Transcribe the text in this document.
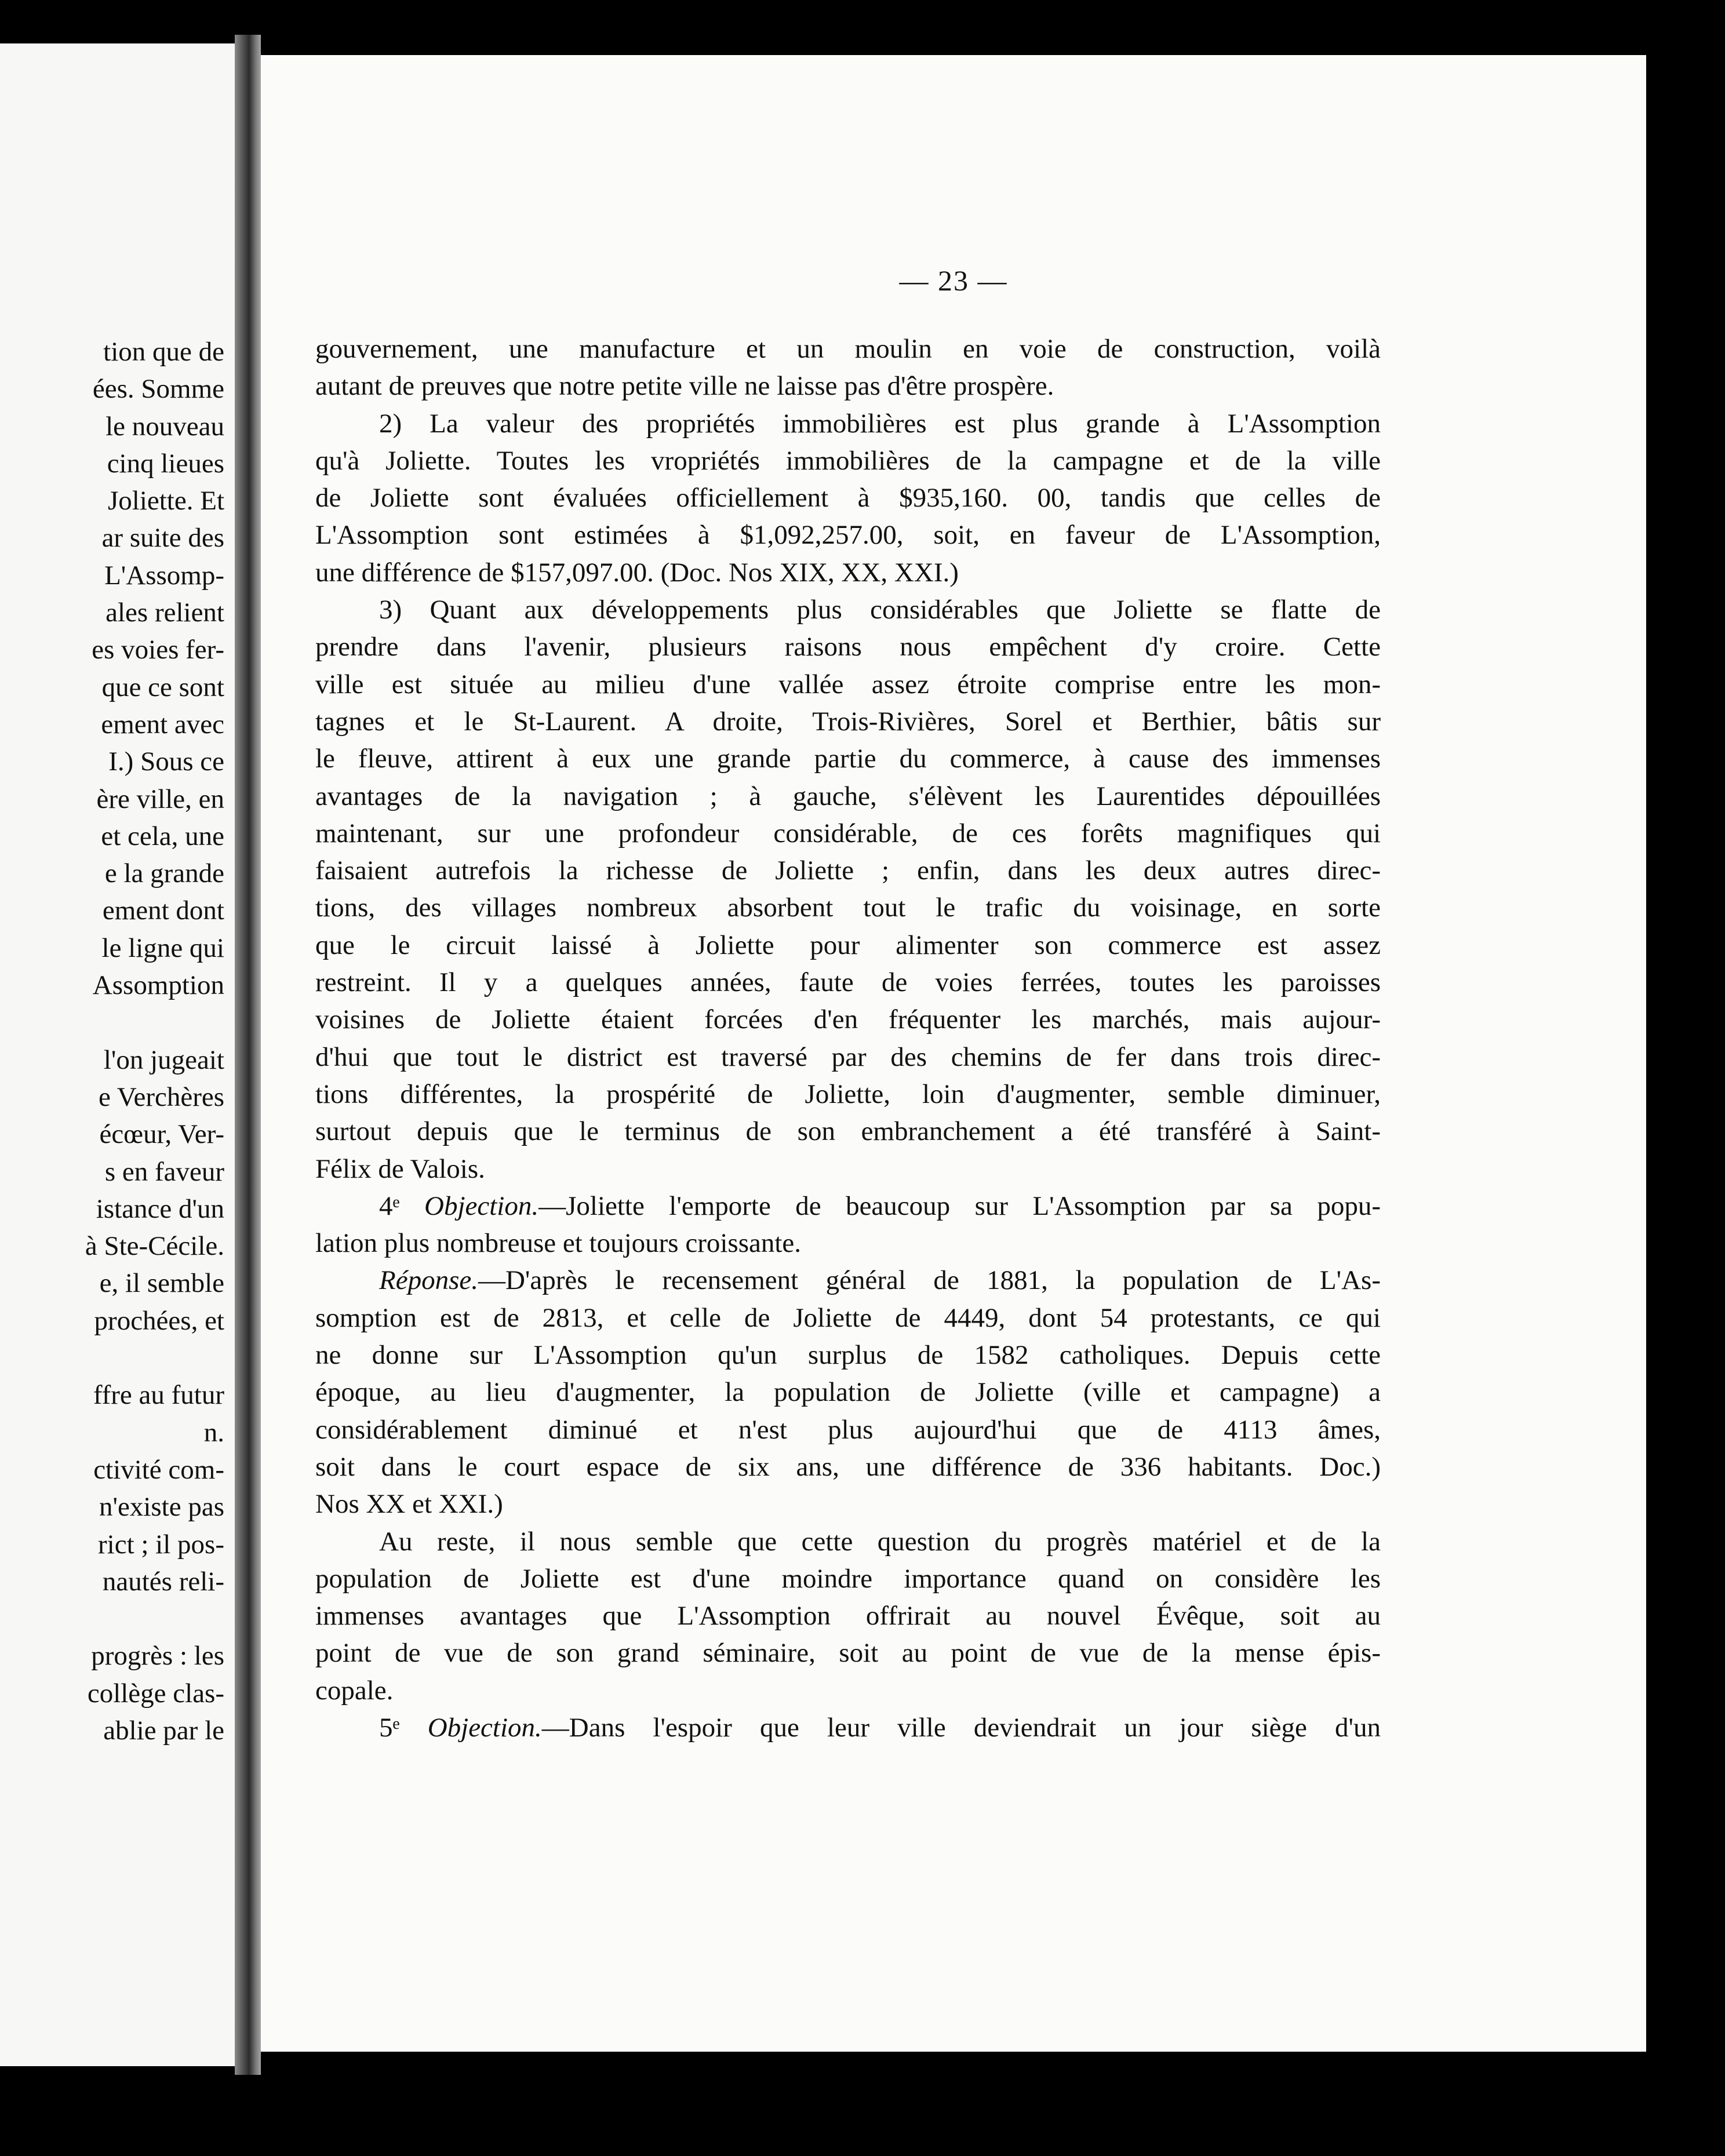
tion que de
ées. Somme
le nouveau
cinq lieues
Joliette. Et
ar suite des
L'Assomp-
ales relient
es voies fer-
que ce sont
ement avec
I.) Sous ce
ère ville, en
et cela, une
e la grande
ement dont
le ligne qui
Assomption
l'on jugeait
e Verchères
écœur, Ver-
s en faveur
istance d'un
à Ste-Cécile.
e, il semble
prochées, et
ffre au futur
n.
ctivité com-
n'existe pas
rict ; il pos-
nautés reli-
progrès : les
collège clas-
ablie par le
— 23 —
gouvernement, une manufacture et un moulin en voie de construction, voilà
autant de preuves que notre petite ville ne laisse pas d'être prospère.
2) La valeur des propriétés immobilières est plus grande à L'Assomption
qu'à Joliette. Toutes les vropriétés immobilières de la campagne et de la ville
de Joliette sont évaluées officiellement à $935,160. 00, tandis que celles de
L'Assomption sont estimées à $1,092,257.00, soit, en faveur de L'Assomption,
une différence de $157,097.00. (Doc. Nos XIX, XX, XXI.)
3) Quant aux développements plus considérables que Joliette se flatte de
prendre dans l'avenir, plusieurs raisons nous empêchent d'y croire. Cette
ville est située au milieu d'une vallée assez étroite comprise entre les mon-
tagnes et le St-Laurent. A droite, Trois-Rivières, Sorel et Berthier, bâtis sur
le fleuve, attirent à eux une grande partie du commerce, à cause des immenses
avantages de la navigation ; à gauche, s'élèvent les Laurentides dépouillées
maintenant, sur une profondeur considérable, de ces forêts magnifiques qui
faisaient autrefois la richesse de Joliette ; enfin, dans les deux autres direc-
tions, des villages nombreux absorbent tout le trafic du voisinage, en sorte
que le circuit laissé à Joliette pour alimenter son commerce est assez
restreint. Il y a quelques années, faute de voies ferrées, toutes les paroisses
voisines de Joliette étaient forcées d'en fréquenter les marchés, mais aujour-
d'hui que tout le district est traversé par des chemins de fer dans trois direc-
tions différentes, la prospérité de Joliette, loin d'augmenter, semble diminuer,
surtout depuis que le terminus de son embranchement a été transféré à Saint-
Félix de Valois.
4ᵉ Objection.—Joliette l'emporte de beaucoup sur L'Assomption par sa popu-
lation plus nombreuse et toujours croissante.
Réponse.—D'après le recensement général de 1881, la population de L'As-
somption est de 2813, et celle de Joliette de 4449, dont 54 protestants, ce qui
ne donne sur L'Assomption qu'un surplus de 1582 catholiques. Depuis cette
époque, au lieu d'augmenter, la population de Joliette (ville et campagne) a
considérablement diminué et n'est plus aujourd'hui que de 4113 âmes,
soit dans le court espace de six ans, une différence de 336 habitants. Doc.)
Nos XX et XXI.)
Au reste, il nous semble que cette question du progrès matériel et de la
population de Joliette est d'une moindre importance quand on considère les
immenses avantages que L'Assomption offrirait au nouvel Évêque, soit au
point de vue de son grand séminaire, soit au point de vue de la mense épis-
copale.
5ᵉ Objection.—Dans l'espoir que leur ville deviendrait un jour siège d'un
